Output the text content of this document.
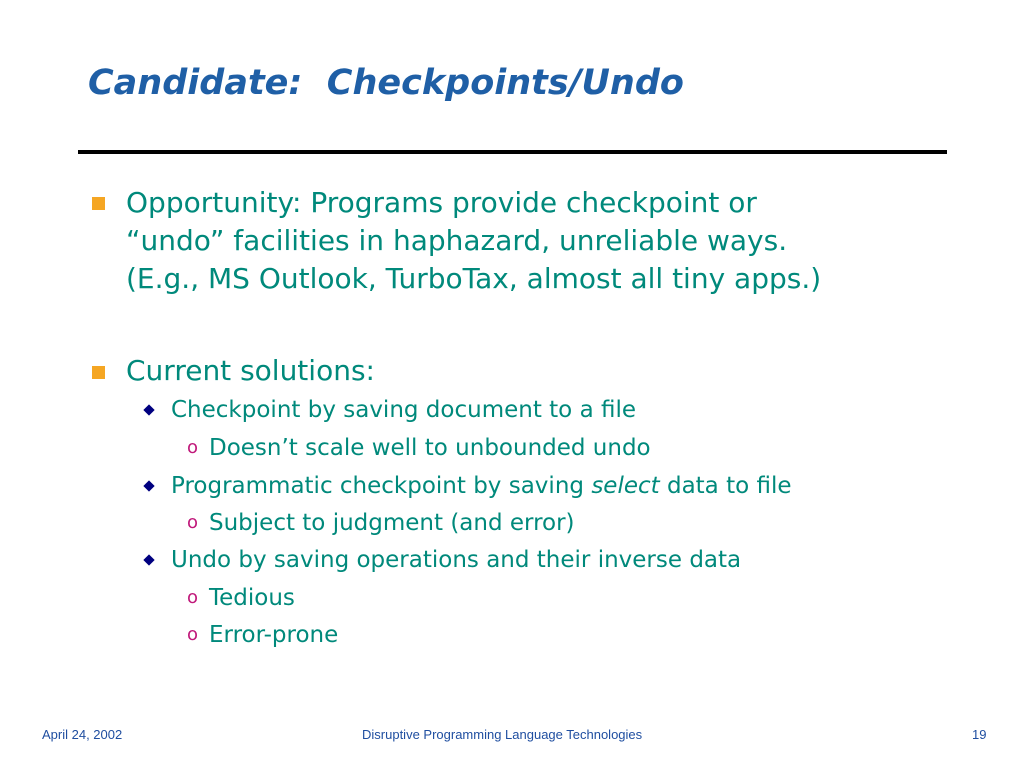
Candidate:  Checkpoints/Undo
Opportunity: Programs provide checkpoint or
“undo” facilities in haphazard, unreliable ways.
(E.g., MS Outlook, TurboTax, almost all tiny apps.)
Current solutions:
Checkpoint by saving document to a file
o Doesn’t scale well to unbounded undo
Programmatic checkpoint by saving select data to file
o Subject to judgment (and error)
Undo by saving operations and their inverse data
o Tedious
o Error-prone
April 24, 2002	Disruptive Programming Language Technologies	19
